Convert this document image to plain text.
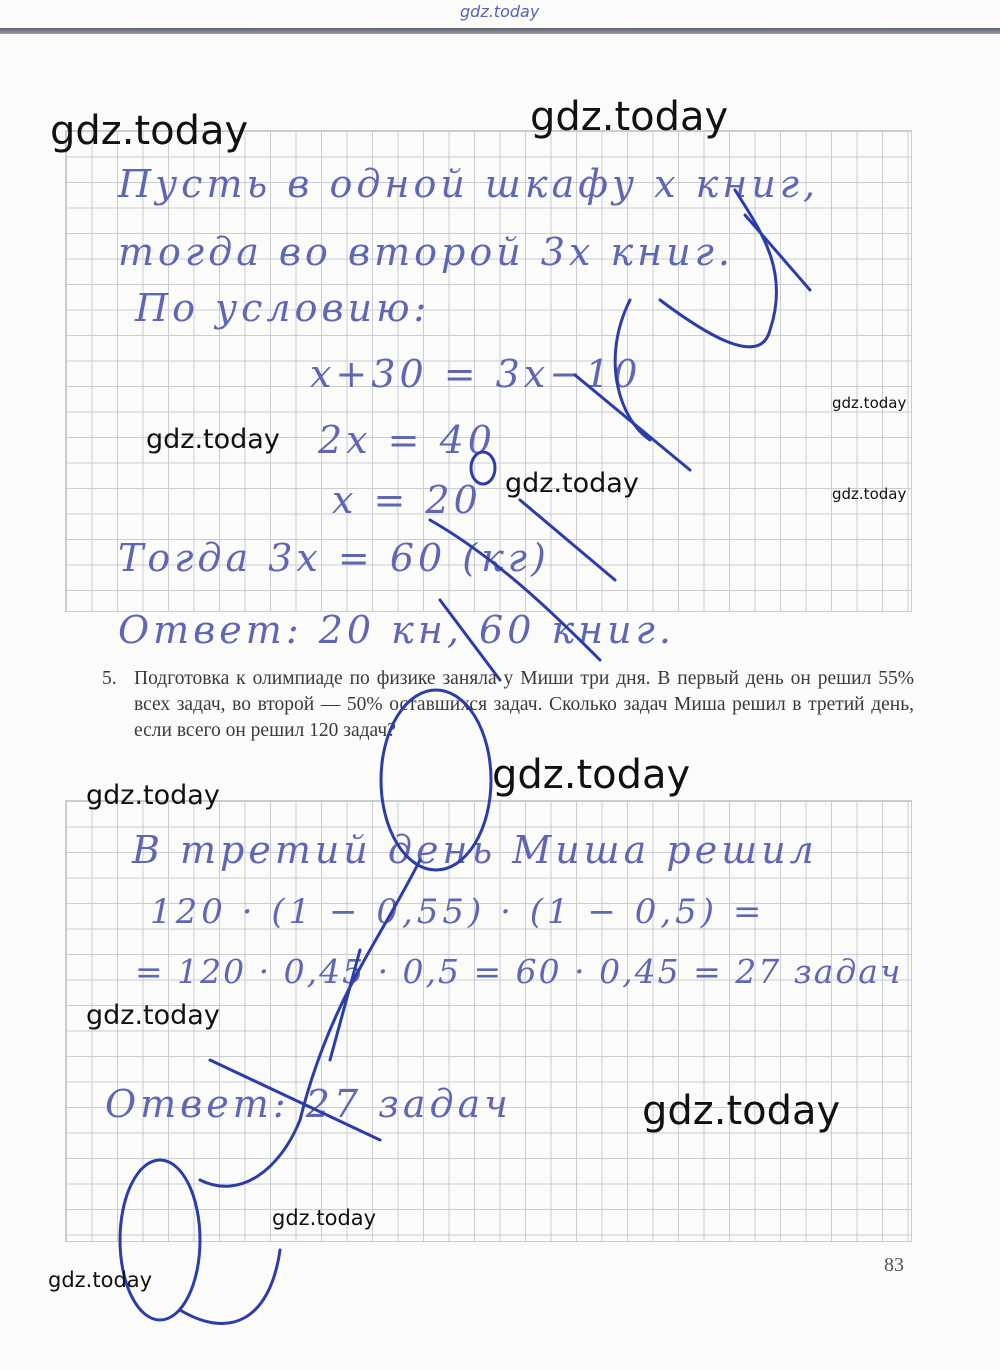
Пусть в одной шкафу x книг,
тогда во второй 3x книг.
По условию:
x+30 = 3x−10
2x = 40
x = 20
Тогда 3x = 60 (кг)
Ответ: 20 кн, 60 книг.
5. Подготовка к олимпиаде по физике заняла у Миши три дня. В первый день он решил 55% всех задач, во второй — 50% оставшихся задач. Сколько задач Миша решил в третий день, если всего он решил 120 задач?
В третий день Миша решил
120 · (1 − 0,55) · (1 − 0,5) =
= 120 · 0,45 · 0,5 = 60 · 0,45 = 27 задач
Ответ: 27 задач
83
gdz.today
gdz.today	gdz.today
gdz.today
gdz.today
gdz.today	gdz.today
gdz.today
gdz.today
gdz.today
gdz.today
gdz.today
gdz.today
